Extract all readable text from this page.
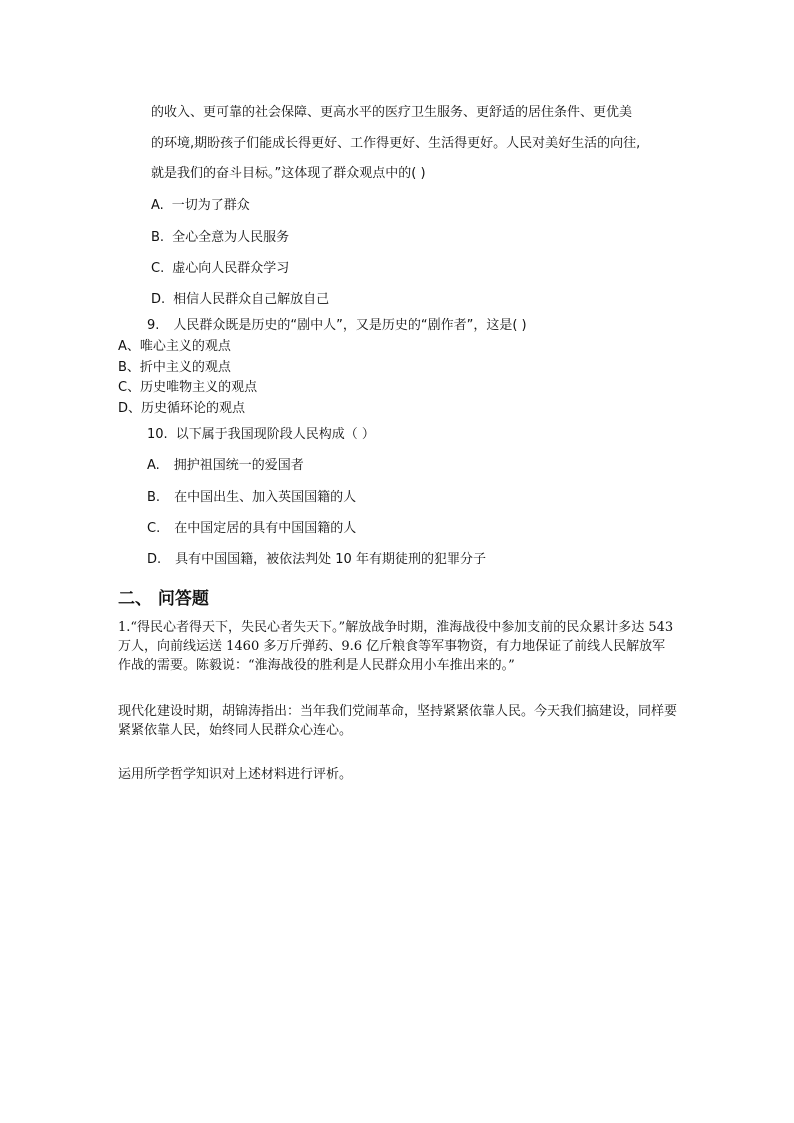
的收入、更可靠的社会保障、更高水平的医疗卫生服务、更舒适的居住条件、更优美
的环境,期盼孩子们能成长得更好、工作得更好、生活得更好。人民对美好生活的向往,
就是我们的奋斗目标。”这体现了群众观点中的( )
A. 一切为了群众
B. 全心全意为人民服务
C. 虚心向人民群众学习
D. 相信人民群众自己解放自己
9. 人民群众既是历史的“剧中人”，又是历史的“剧作者”，这是( )
A、唯心主义的观点
B、折中主义的观点
C、历史唯物主义的观点
D、历史循环论的观点
10. 以下属于我国现阶段人民构成（ ）
A. 拥护祖国统一的爱国者
B. 在中国出生、加入英国国籍的人
C. 在中国定居的具有中国国籍的人
D. 具有中国国籍，被依法判处 10 年有期徒刑的犯罪分子
二、 问答题
1.“得民心者得天下，失民心者失天下。”解放战争时期，淮海战役中参加支前的民众累计多达 543 万人，向前线运送 1460 多万斤弹药、9.6 亿斤粮食等军事物资，有力地保证了前线人民解放军作战的需要。陈毅说：“淮海战役的胜利是人民群众用小车推出来的。”
现代化建设时期，胡锦涛指出：当年我们党闹革命，坚持紧紧依靠人民。今天我们搞建设，同样要紧紧依靠人民，始终同人民群众心连心。
运用所学哲学知识对上述材料进行评析。
